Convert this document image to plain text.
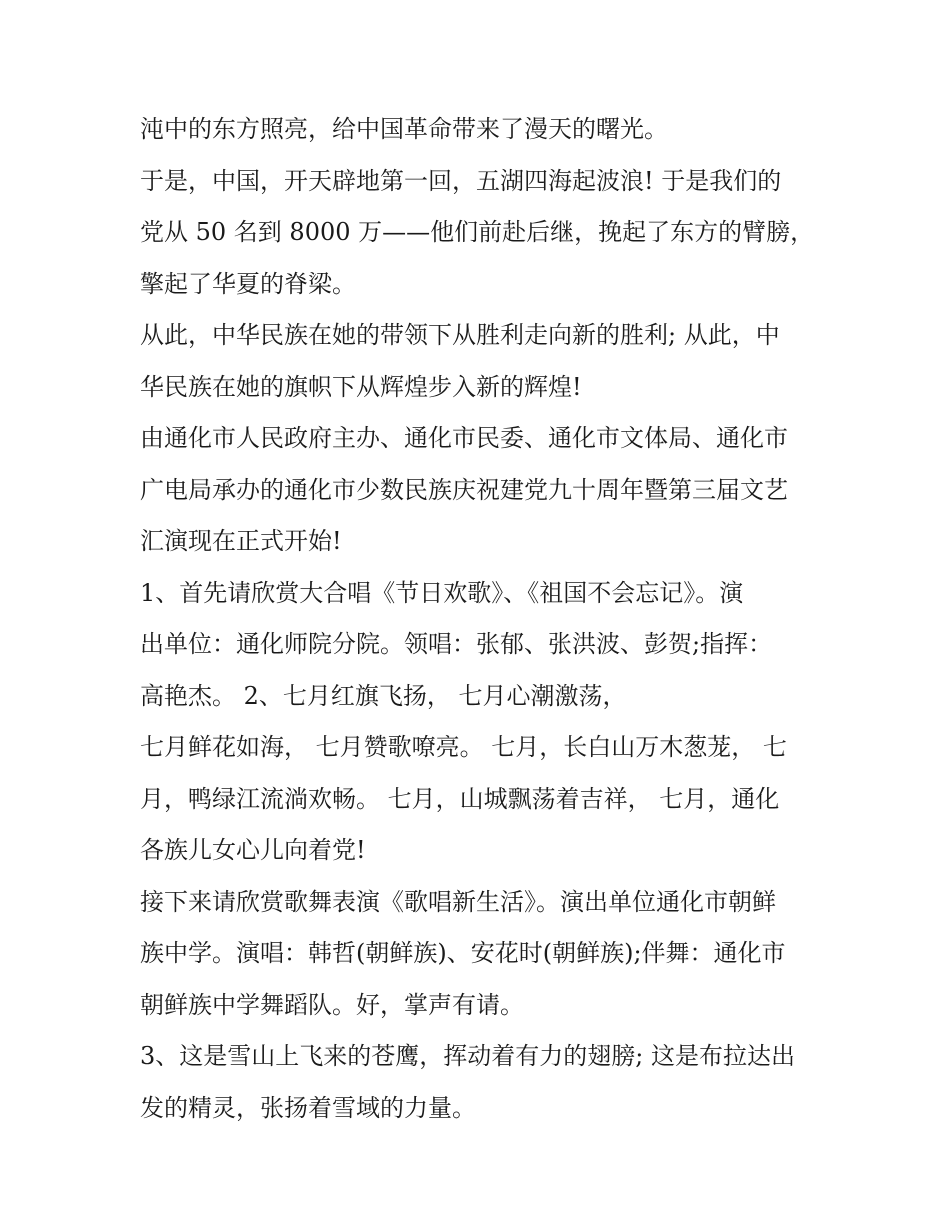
沌中的东方照亮，给中国革命带来了漫天的曙光。
于是，中国，开天辟地第一回，五湖四海起波浪! 于是我们的
党从 50 名到 8000 万——他们前赴后继，挽起了东方的臂膀，
擎起了华夏的脊梁。
从此，中华民族在她的带领下从胜利走向新的胜利; 从此，中
华民族在她的旗帜下从辉煌步入新的辉煌!
由通化市人民政府主办、通化市民委、通化市文体局、通化市
广电局承办的通化市少数民族庆祝建党九十周年暨第三届文艺
汇演现在正式开始!
1、首先请欣赏大合唱《节日欢歌》、《祖国不会忘记》。演
出单位：通化师院分院。领唱：张郁、张洪波、彭贺;指挥：
高艳杰。 2、七月红旗飞扬， 七月心潮激荡，
七月鲜花如海， 七月赞歌嘹亮。 七月，长白山万木葱茏， 七
月，鸭绿江流淌欢畅。 七月，山城飘荡着吉祥， 七月，通化
各族儿女心儿向着党!
接下来请欣赏歌舞表演《歌唱新生活》。演出单位通化市朝鲜
族中学。演唱：韩哲(朝鲜族)、安花时(朝鲜族);伴舞：通化市
朝鲜族中学舞蹈队。好，掌声有请。
3、这是雪山上飞来的苍鹰，挥动着有力的翅膀; 这是布拉达出
发的精灵，张扬着雪域的力量。
